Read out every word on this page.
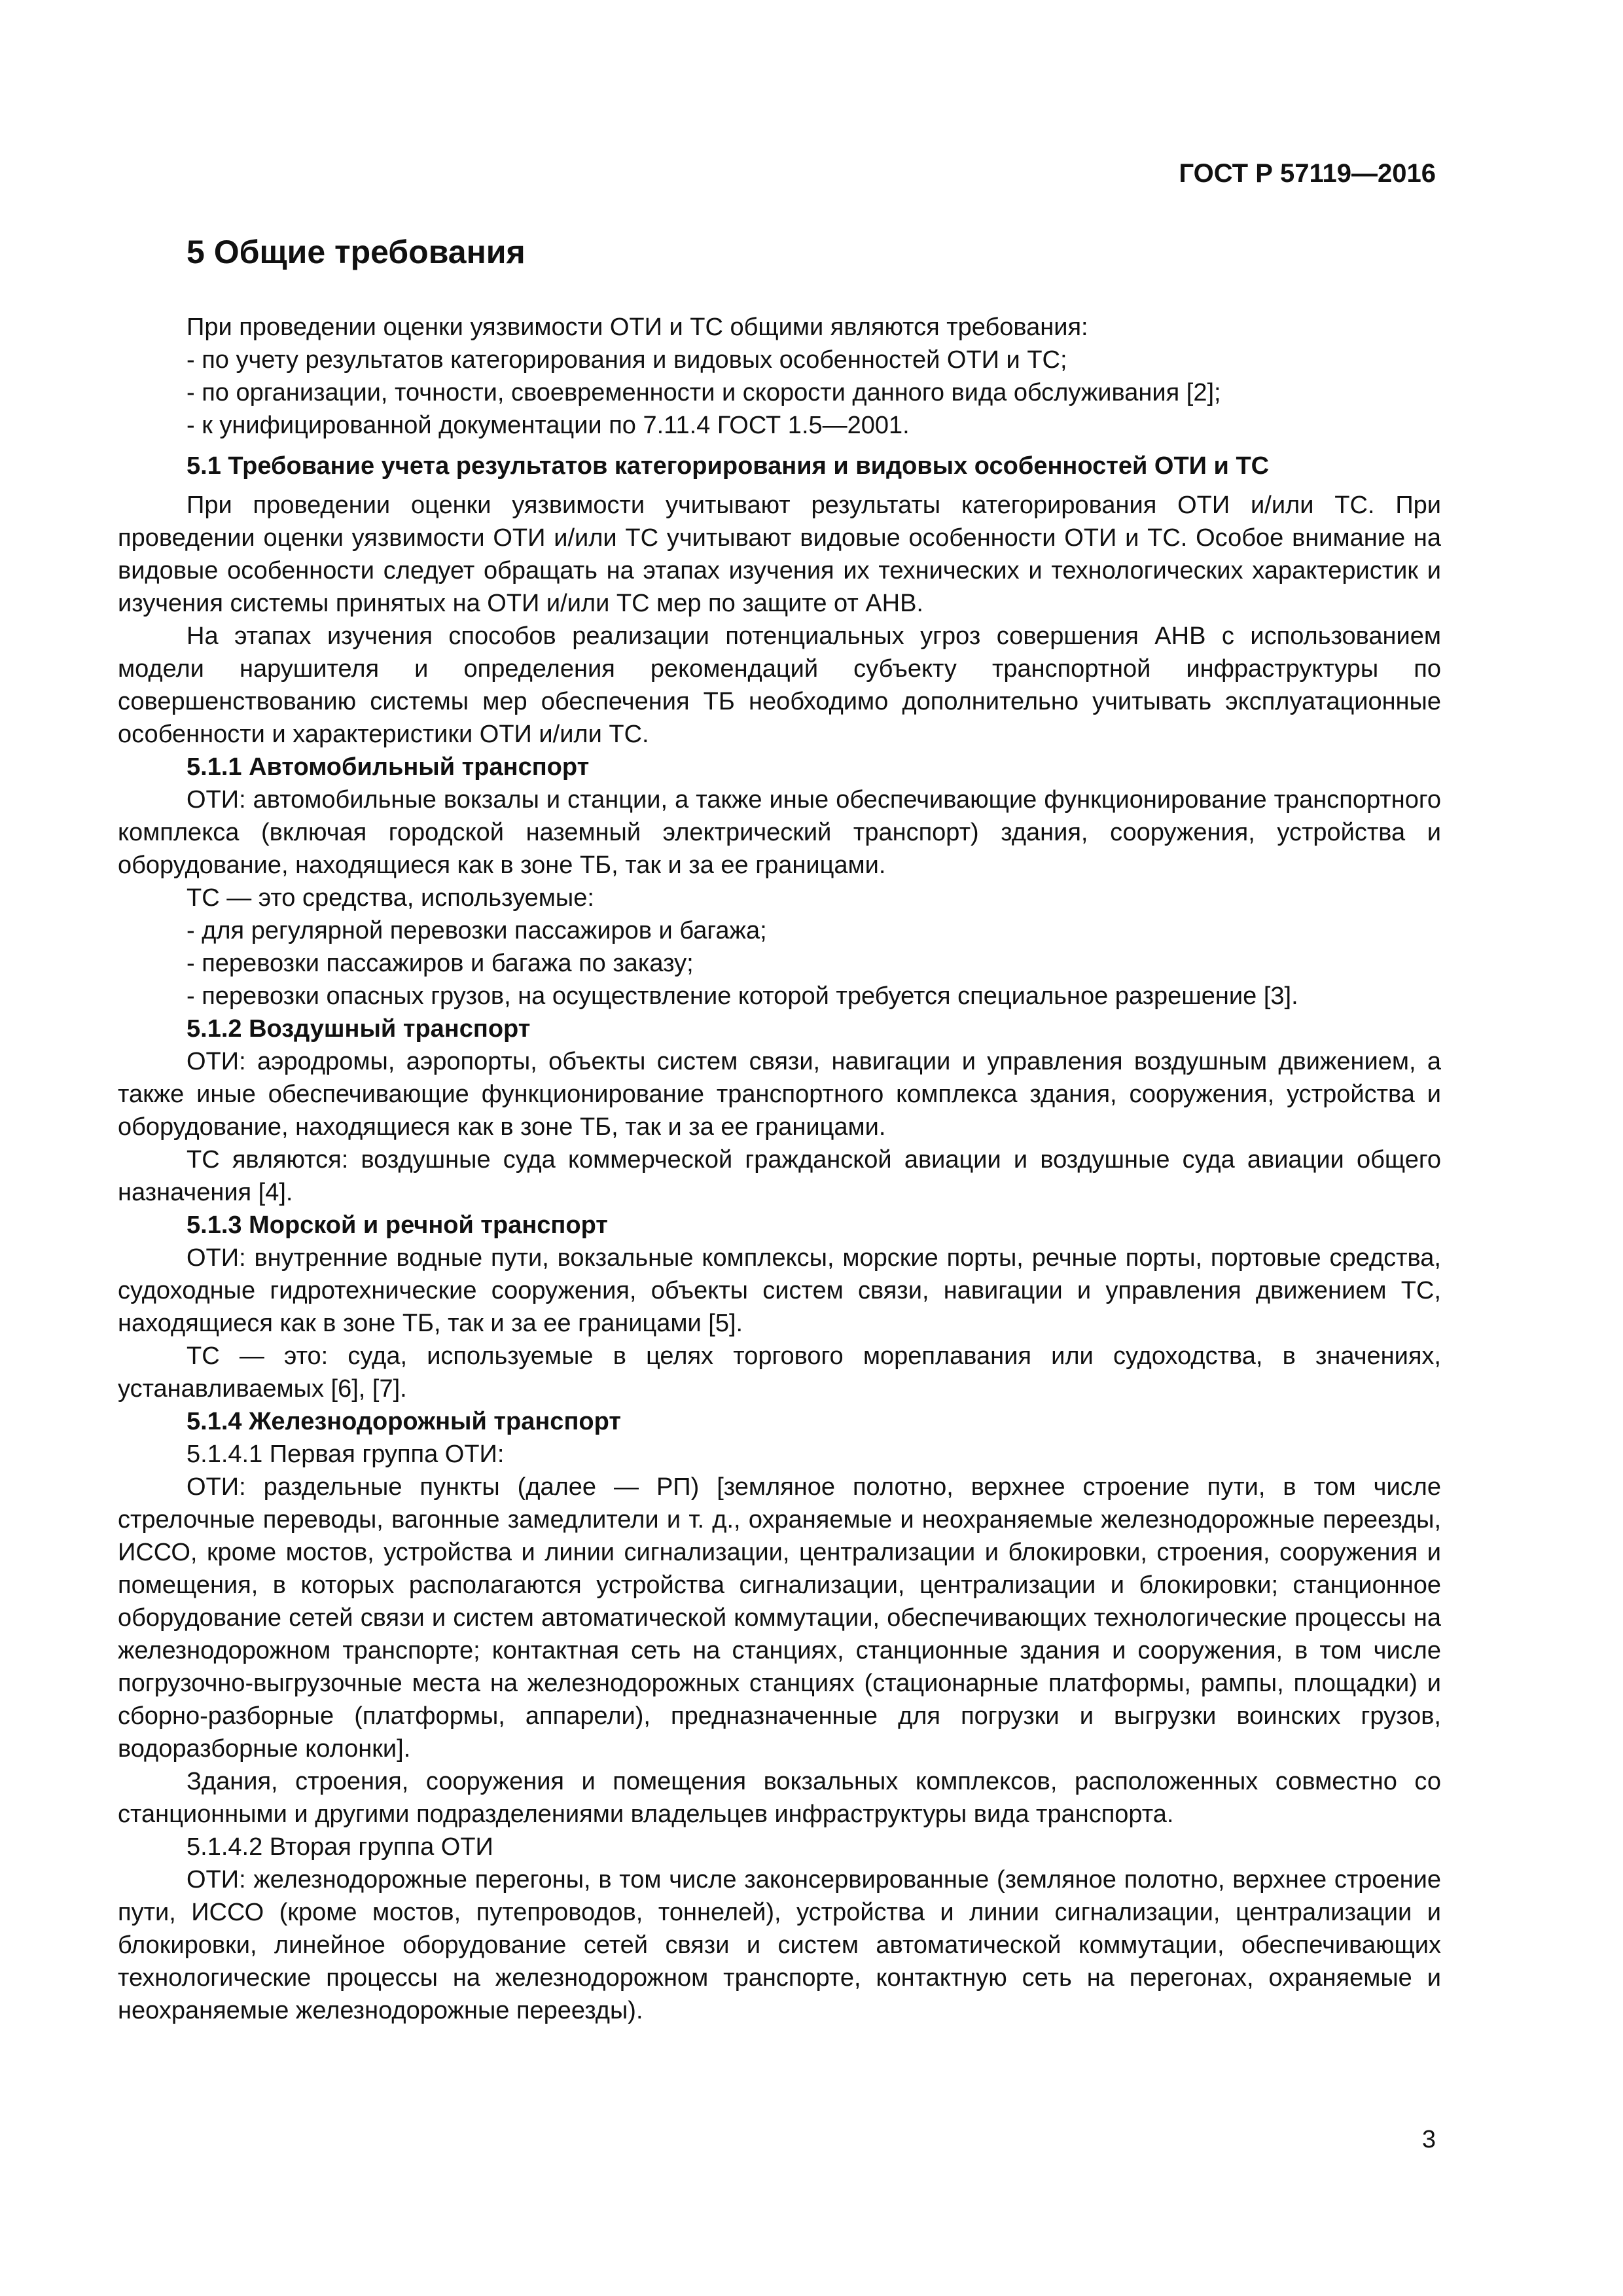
ГОСТ Р 57119—2016

5 Общие требования

При проведении оценки уязвимости ОТИ и ТС общими являются требования:

- по учету результатов категорирования и видовых особенностей ОТИ и ТС;

- по организации, точности, своевременности и скорости данного вида обслуживания [2];

- к унифицированной документации по 7.11.4 ГОСТ 1.5—2001.

5.1 Требование учета результатов категорирования и видовых особенностей ОТИ и ТС

При проведении оценки уязвимости учитывают результаты категорирования ОТИ и/или ТС. При проведении оценки уязвимости ОТИ и/или ТС учитывают видовые особенности ОТИ и ТС. Особое внимание на видовые особенности следует обращать на этапах изучения их технических и технологических характеристик и изучения системы принятых на ОТИ и/или ТС мер по защите от АНВ.

На этапах изучения способов реализации потенциальных угроз совершения АНВ с использованием модели нарушителя и определения рекомендаций субъекту транспортной инфраструктуры по совершенствованию системы мер обеспечения ТБ необходимо дополнительно учитывать эксплуатационные особенности и характеристики ОТИ и/или ТС.

5.1.1 Автомобильный транспорт

ОТИ: автомобильные вокзалы и станции, а также иные обеспечивающие функционирование транспортного комплекса (включая городской наземный электрический транспорт) здания, сооружения, устройства и оборудование, находящиеся как в зоне ТБ, так и за ее границами.

ТС — это средства, используемые:

- для регулярной перевозки пассажиров и багажа;

- перевозки пассажиров и багажа по заказу;

- перевозки опасных грузов, на осуществление которой требуется специальное разрешение [3].

5.1.2 Воздушный транспорт

ОТИ: аэродромы, аэропорты, объекты систем связи, навигации и управления воздушным движением, а также иные обеспечивающие функционирование транспортного комплекса здания, сооружения, устройства и оборудование, находящиеся как в зоне ТБ, так и за ее границами.

ТС являются: воздушные суда коммерческой гражданской авиации и воздушные суда авиации общего назначения [4].

5.1.3 Морской и речной транспорт

ОТИ: внутренние водные пути, вокзальные комплексы, морские порты, речные порты, портовые средства, судоходные гидротехнические сооружения, объекты систем связи, навигации и управления движением ТС, находящиеся как в зоне ТБ, так и за ее границами [5].

ТС — это: суда, используемые в целях торгового мореплавания или судоходства, в значениях, устанавливаемых [6], [7].

5.1.4 Железнодорожный транспорт

5.1.4.1 Первая группа ОТИ:

ОТИ: раздельные пункты (далее — РП) [земляное полотно, верхнее строение пути, в том числе стрелочные переводы, вагонные замедлители и т. д., охраняемые и неохраняемые железнодорожные переезды, ИССО, кроме мостов, устройства и линии сигнализации, централизации и блокировки, строения, сооружения и помещения, в которых располагаются устройства сигнализации, централизации и блокировки; станционное оборудование сетей связи и систем автоматической коммутации, обеспечивающих технологические процессы на железнодорожном транспорте; контактная сеть на станциях, станционные здания и сооружения, в том числе погрузочно-выгрузочные места на железнодорожных станциях (стационарные платформы, рампы, площадки) и сборно-разборные (платформы, аппарели), предназначенные для погрузки и выгрузки воинских грузов, водоразборные колонки].

Здания, строения, сооружения и помещения вокзальных комплексов, расположенных совместно со станционными и другими подразделениями владельцев инфраструктуры вида транспорта.

5.1.4.2 Вторая группа ОТИ

ОТИ: железнодорожные перегоны, в том числе законсервированные (земляное полотно, верхнее строение пути, ИССО (кроме мостов, путепроводов, тоннелей), устройства и линии сигнализации, централизации и блокировки, линейное оборудование сетей связи и систем автоматической коммутации, обеспечивающих технологические процессы на железнодорожном транспорте, контактную сеть на перегонах, охраняемые и неохраняемые железнодорожные переезды).

3
